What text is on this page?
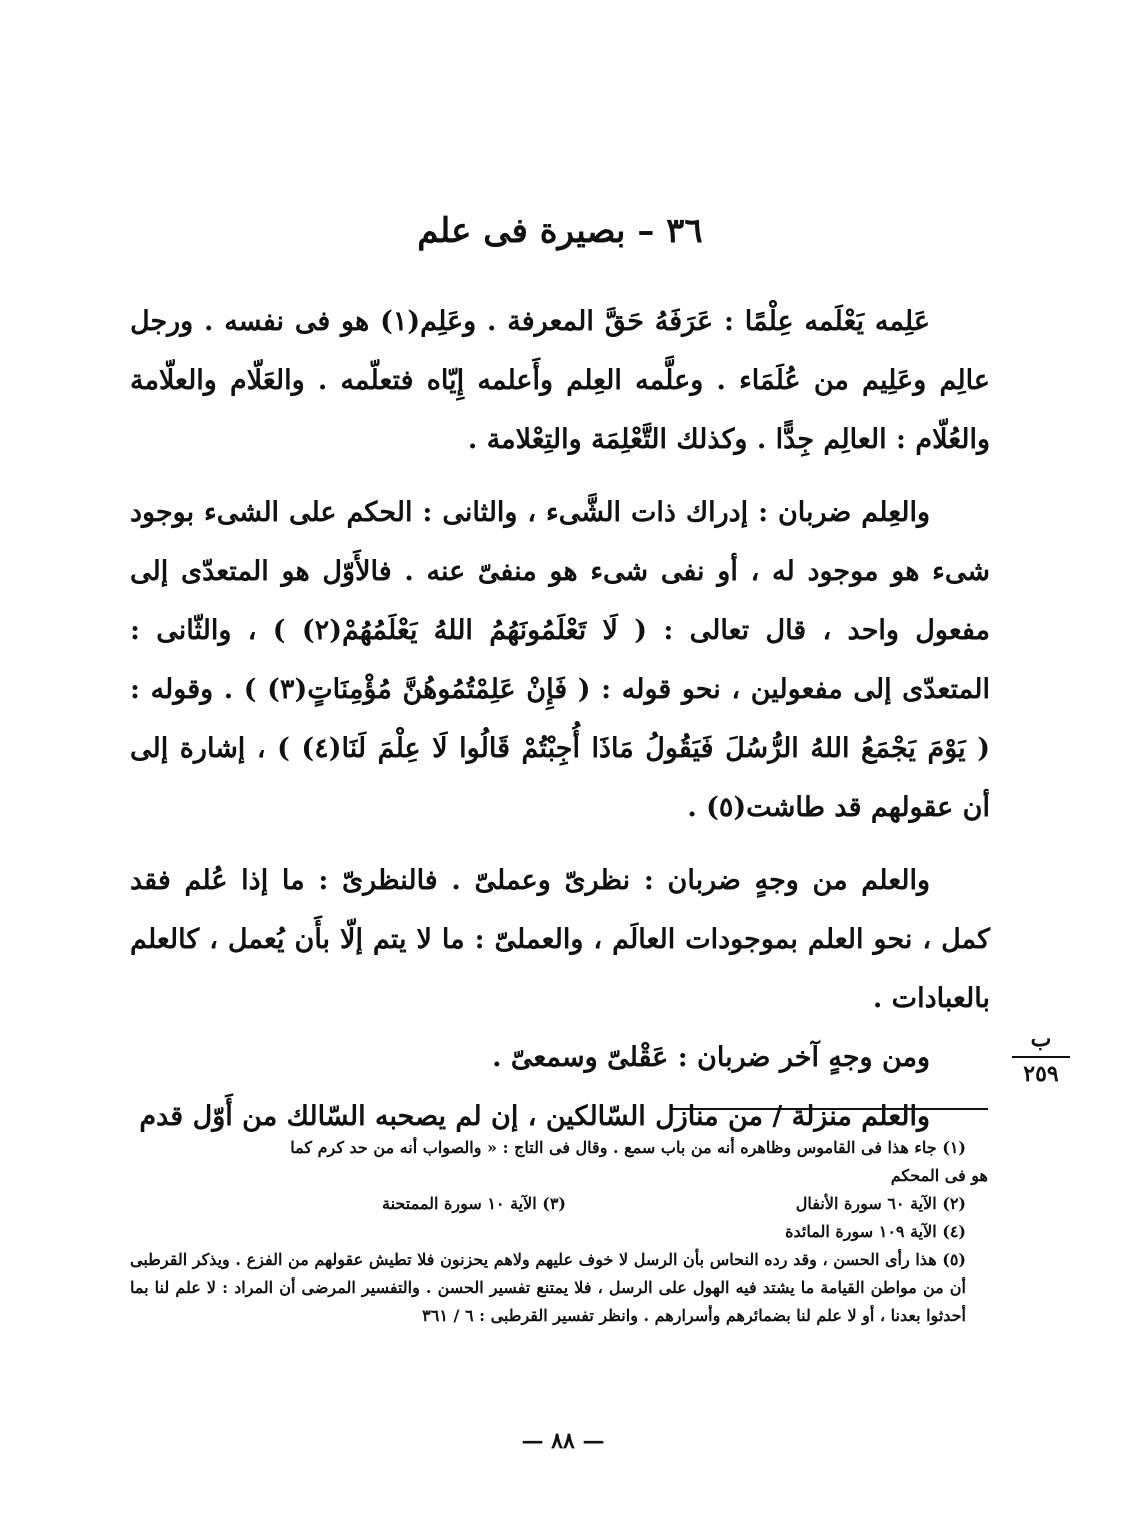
٣٦ – بصيرة فى علم

عَلِمه يَعْلَمه عِلْمًا : عَرَفَهُ حَقَّ المعرفة . وعَلِم(١) هو فى نفسه . ورجل عالِم وعَلِيم من عُلَمَاء . وعلَّمه العِلم وأَعلمه إِيّاه فتعلّمه . والعَلّام والعلّامة والعُلّام : العالِم جِدًّا . وكذلك التَّعْلِمَة والتِعْلامة .

والعِلم ضربان : إدراك ذات الشَّىء ، والثانى : الحكم على الشىء بوجود شىء هو موجود له ، أو نفى شىء هو منفىّ عنه . فالأَوّل هو المتعدّى إلى مفعول واحد ، قال تعالى : ( لَا تَعْلَمُونَهُمُ اللهُ يَعْلَمُهُمْ(٢) ) ، والثّانى : المتعدّى إلى مفعولين ، نحو قوله : ( فَإِنْ عَلِمْتُمُوهُنَّ مُؤْمِنَاتٍ(٣) ) . وقوله : ( يَوْمَ يَجْمَعُ اللهُ الرُّسُلَ فَيَقُولُ مَاذَا أُجِبْتُمْ قَالُوا لَا عِلْمَ لَنَا(٤) ) ، إشارة إلى أن عقولهم قد طاشت(٥) .

والعلم من وجهٍ ضربان : نظرىّ وعملىّ . فالنظرىّ : ما إذا عُلم فقد كمل ، نحو العلم بموجودات العالَم ، والعملىّ : ما لا يتم إلّا بأَن يُعمل ، كالعلم بالعبادات .

ومن وجهٍ آخر ضربان : عَقْلىّ وسمعىّ .

والعلم منزلة / من منازل السّالكين ، إن لم يصحبه السّالك من أَوّل قدم

ب
٢٥٩

(١) جاء هذا فى القاموس وظاهره أنه من باب سمع . وقال فى التاج : « والصواب أنه من حد كرم كما

هو فى المحكم

(٢) الآية ٦٠ سورة الأنفال
(٣) الآية ١٠ سورة الممتحنة

(٤) الآية ١٠٩ سورة المائدة

(٥) هذا رأى الحسن ، وقد رده النحاس بأن الرسل لا خوف عليهم ولاهم يحزنون فلا تطيش عقولهم من الفزع . ويذكر القرطبى أن من مواطن القيامة ما يشتد فيه الهول على الرسل ، فلا يمتنع تفسير الحسن . والتفسير المرضى أن المراد : لا علم لنا بما أحدثوا بعدنا ، أو لا علم لنا بضمائرهم وأسرارهم . وانظر تفسير القرطبى : ٦ / ٣٦١

— ٨٨ —
